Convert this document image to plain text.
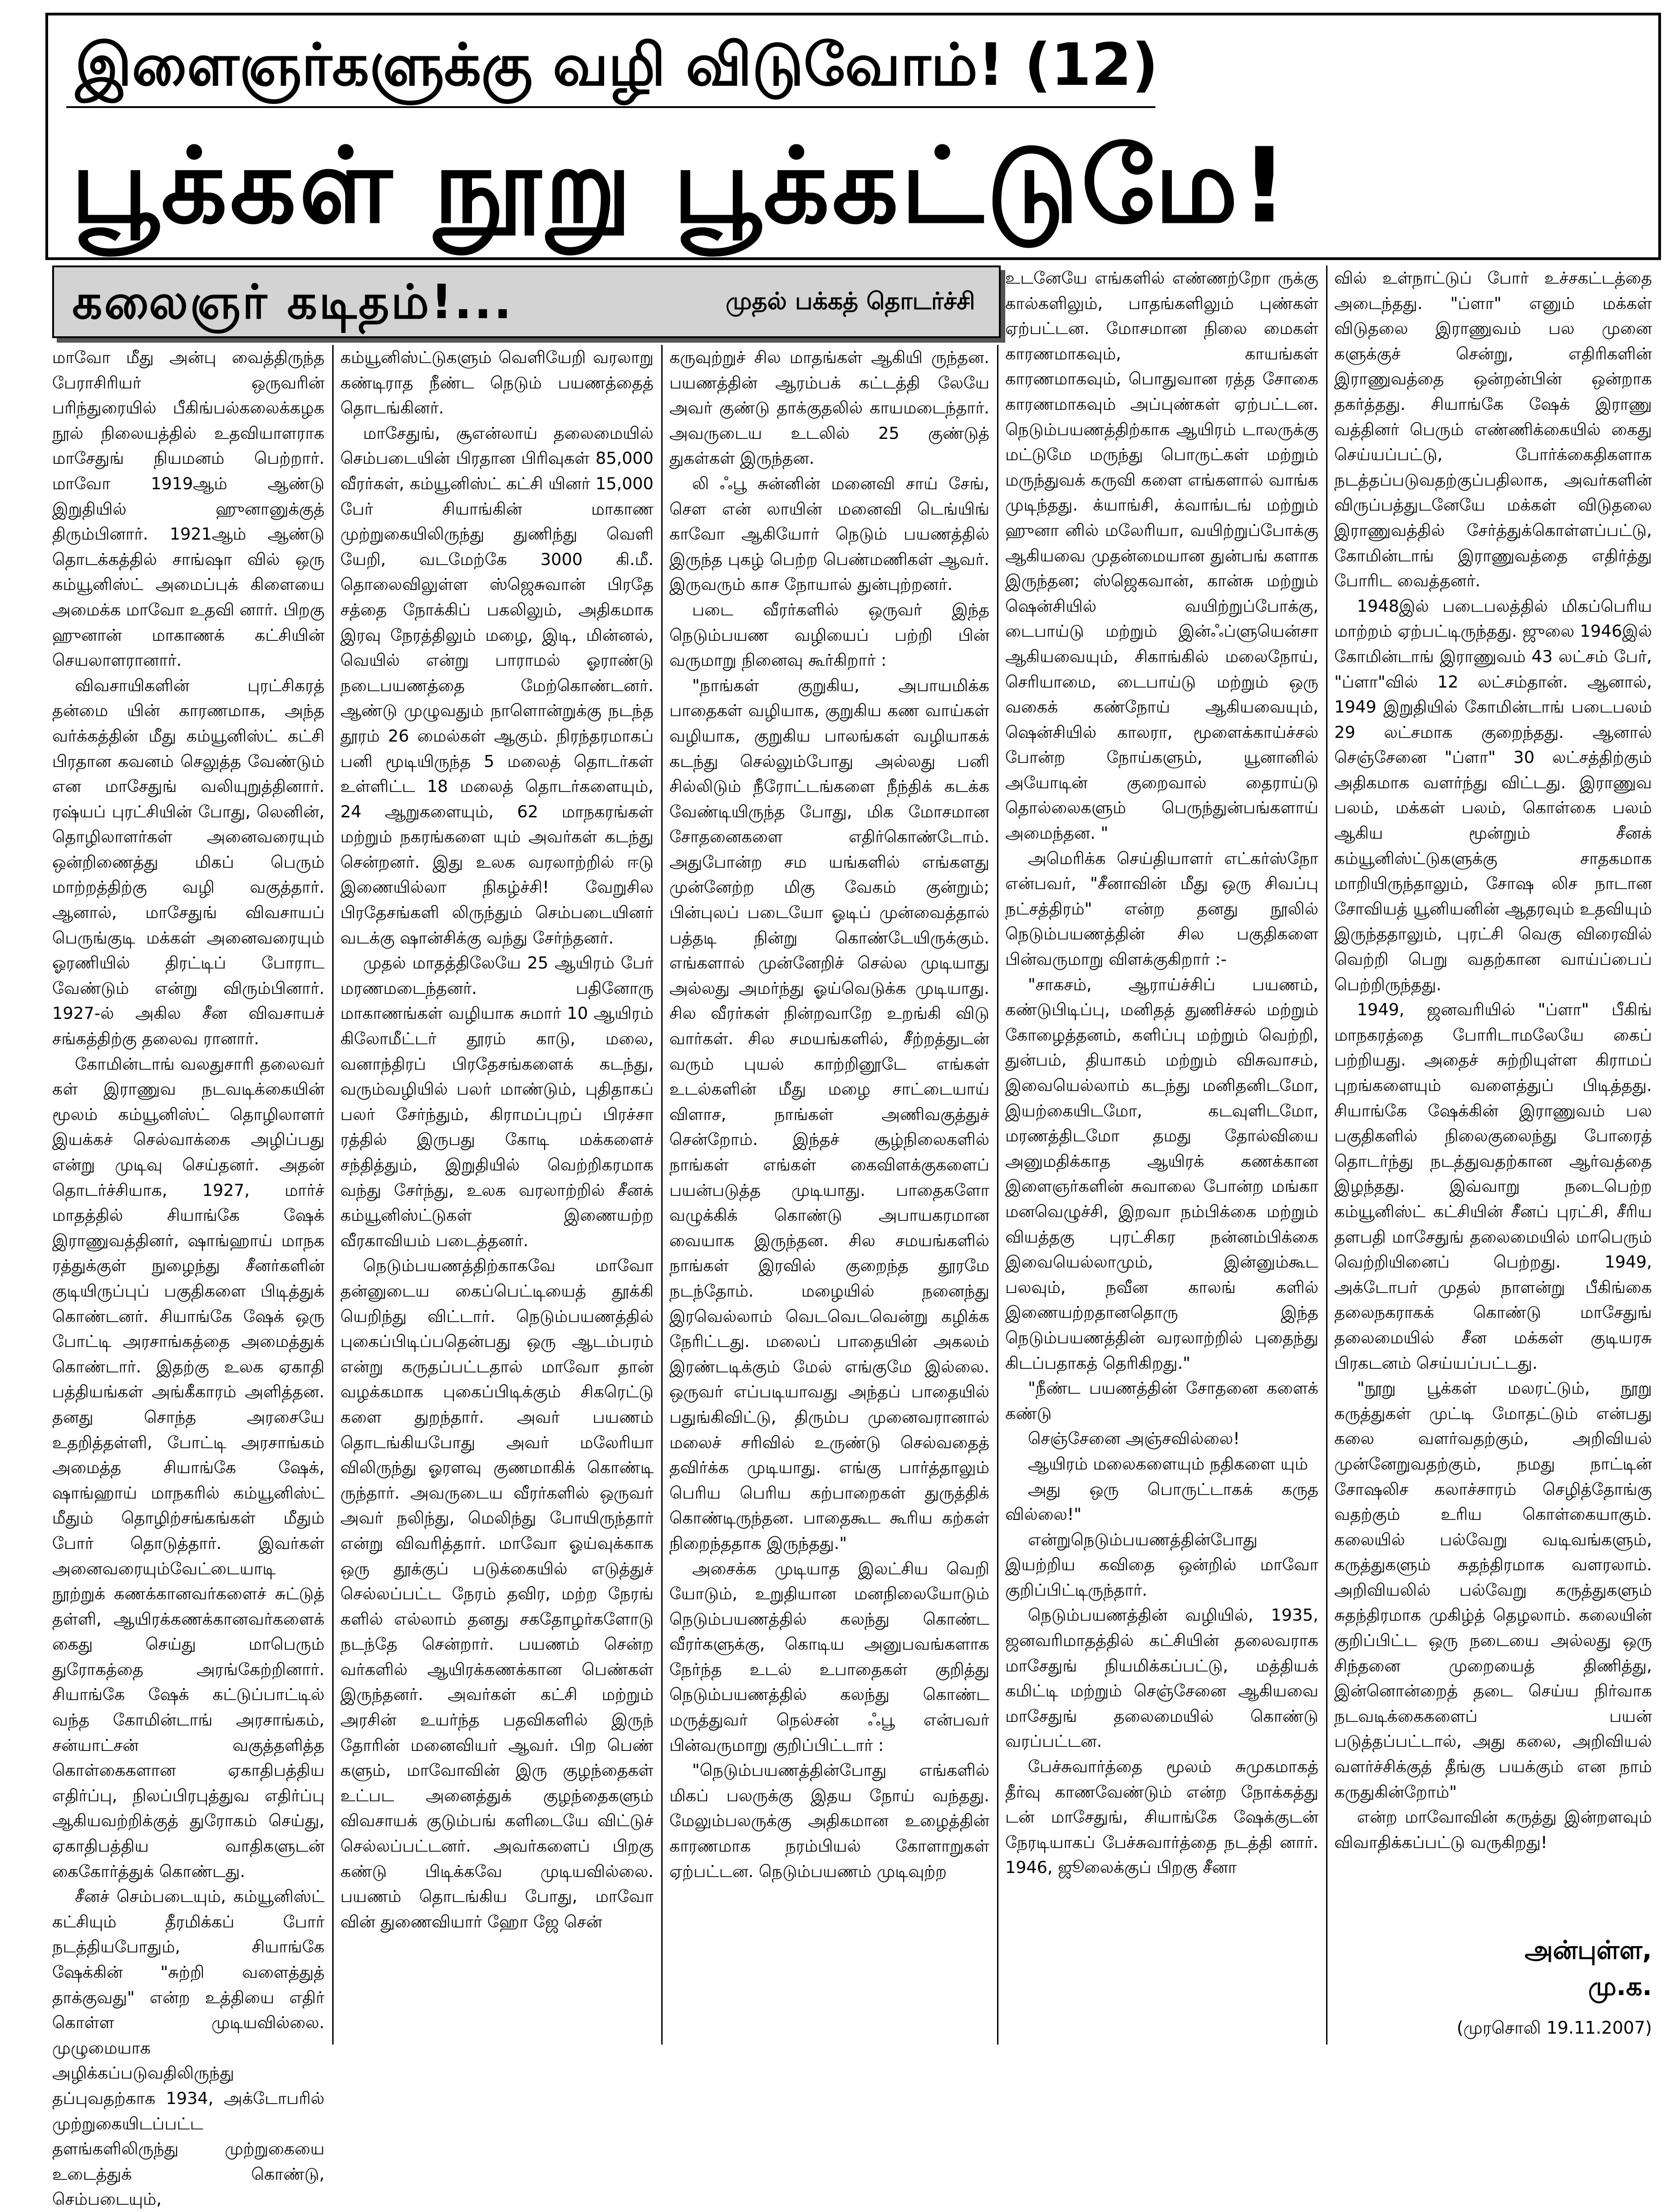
இளைஞர்களுக்கு வழி விடுவோம்! (12)
பூக்கள் நூறு பூக்கட்டுமே!
கலைஞர் கடிதம்!...	முதல் பக்கத் தொடர்ச்சி

மாவோ மீது அன்பு வைத்திருந்த பேராசிரியர் ஒருவரின் பரிந்துரையில் பீகிங்பல்கலைக்கழக நூல் நிலையத்தில் உதவியாளராக மாசேதுங் நியமனம் பெற்றார். மாவோ 1919ஆம் ஆண்டு இறுதியில் ஹுனானுக்குத் திரும்பினார். 1921ஆம் ஆண்டு தொடக்கத்தில் சாங்ஷா வில் ஒரு கம்யூனிஸ்ட் அமைப்புக் கிளையை அமைக்க மாவோ உதவி னார். பிறகு ஹுனான் மாகாணக் கட்சியின் செயலாளரானார்.

விவசாயிகளின் புரட்சிகரத் தன்மை யின் காரணமாக, அந்த வர்க்கத்தின் மீது கம்யூனிஸ்ட் கட்சி பிரதான கவனம் செலுத்த வேண்டும் என மாசேதுங் வலியுறுத்தினார். ரஷ்யப் புரட்சியின் போது, லெனின், தொழிலாளர்கள் அனைவரையும் ஒன்றிணைத்து மிகப் பெரும் மாற்றத்திற்கு வழி வகுத்தார். ஆனால், மாசேதுங் விவசாயப் பெருங்குடி மக்கள் அனைவரையும் ஓரணியில் திரட்டிப் போராட வேண்டும் என்று விரும்பினார். 1927-ல் அகில சீன விவசாயச் சங்கத்திற்கு தலைவ ரானார்.

கோமின்டாங் வலதுசாரி தலைவர் கள் இராணுவ நடவடிக்கையின் மூலம் கம்யூனிஸ்ட் தொழிலாளர் இயக்கச் செல்வாக்கை அழிப்பது என்று முடிவு செய்தனர். அதன் தொடர்ச்சியாக, 1927, மார்ச் மாதத்தில் சியாங்கே ஷேக் இராணுவத்தினர், ஷாங்ஹாய் மாநக ரத்துக்குள் நுழைந்து சீனர்களின் குடியிருப்புப் பகுதிகளை பிடித்துக் கொண்டனர். சியாங்கே ஷேக் ஒரு போட்டி அரசாங்கத்தை அமைத்துக் கொண்டார். இதற்கு உலக ஏகாதி பத்தியங்கள் அங்கீகாரம் அளித்தன. தனது சொந்த அரசையே உதறித்தள்ளி, போட்டி அரசாங்கம் அமைத்த சியாங்கே ஷேக், ஷாங்ஹாய் மாநகரில் கம்யூனிஸ்ட் மீதும் தொழிற்சங்கங்கள் மீதும் போர் தொடுத்தார். இவர்கள் அனைவரையும்வேட்டையாடி நூற்றுக் கணக்கானவர்களைச் சுட்டுத் தள்ளி, ஆயிரக்கணக்கானவர்களைக் கைது செய்து மாபெரும் துரோகத்தை அரங்கேற்றினார். சியாங்கே ஷேக் கட்டுப்பாட்டில் வந்த கோமின்டாங் அரசாங்கம், சன்யாட்சன் வகுத்தளித்த கொள்கைகளான ஏகாதிபத்திய எதிர்ப்பு, நிலப்பிரபுத்துவ எதிர்ப்பு ஆகியவற்றிக்குத் துரோகம் செய்து, ஏகாதிபத்திய வாதிகளுடன் கைகோர்த்துக் கொண்டது.

சீனச் செம்படையும், கம்யூனிஸ்ட் கட்சியும் தீரமிக்கப் போர் நடத்தியபோதும், சியாங்கே ஷேக்கின் "சுற்றி வளைத்துத் தாக்குவது" என்ற உத்தியை எதிர் கொள்ள முடியவில்லை. முழுமையாக அழிக்கப்படுவதிலிருந்து தப்புவதற்காக 1934, அக்டோபரில் முற்றுகையிடப்பட்ட தளங்களிலிருந்து முற்றுகையை உடைத்துக் கொண்டு, செம்படையும்,

கம்யூனிஸ்ட்டுகளும் வெளியேறி வரலாறு கண்டிராத நீண்ட நெடும் பயணத்தைத் தொடங்கினர்.

மாசேதுங், சூஎன்லாய் தலைமையில் செம்படையின் பிரதான பிரிவுகள் 85,000 வீரர்கள், கம்யூனிஸ்ட் கட்சி யினர் 15,000 பேர் சியாங்கின் மாகாண முற்றுகையிலிருந்து துணிந்து வெளி யேறி, வடமேற்கே 3000 கி.மீ. தொலைவிலுள்ள ஸ்ஜெசுவான் பிரதே சத்தை நோக்கிப் பகலிலும், அதிகமாக இரவு நேரத்திலும் மழை, இடி, மின்னல், வெயில் என்று பாராமல் ஓராண்டு நடைபயணத்தை மேற்கொண்டனர். ஆண்டு முழுவதும் நாளொன்றுக்கு நடந்த தூரம் 26 மைல்கள் ஆகும். நிரந்தரமாகப் பனி மூடியிருந்த 5 மலைத் தொடர்கள் உள்ளிட்ட 18 மலைத் தொடர்களையும், 24 ஆறுகளையும், 62 மாநகரங்கள் மற்றும் நகரங்களை யும் அவர்கள் கடந்து சென்றனர். இது உலக வரலாற்றில் ஈடு இணையில்லா நிகழ்ச்சி! வேறுசில பிரதேசங்களி லிருந்தும் செம்படையினர் வடக்கு ஷான்சிக்கு வந்து சேர்ந்தனர்.

முதல் மாதத்திலேயே 25 ஆயிரம் பேர் மரணமடைந்தனர். பதினோரு மாகாணங்கள் வழியாக சுமார் 10 ஆயிரம் கிலோமீட்டர் தூரம் காடு, மலை, வனாந்திரப் பிரதேசங்களைக் கடந்து, வரும்வழியில் பலர் மாண்டும், புதிதாகப் பலர் சேர்ந்தும், கிராமப்புறப் பிரச்சா ரத்தில் இருபது கோடி மக்களைச் சந்தித்தும், இறுதியில் வெற்றிகரமாக வந்து சேர்ந்து, உலக வரலாற்றில் சீனக் கம்யூனிஸ்ட்டுகள் இணையற்ற வீரகாவியம் படைத்தனர்.

நெடும்பயணத்திற்காகவே மாவோ தன்னுடைய கைப்பெட்டியைத் தூக்கி யெறிந்து விட்டார். நெடும்பயணத்தில் புகைப்பிடிப்பதென்பது ஒரு ஆடம்பரம் என்று கருதப்பட்டதால் மாவோ தான் வழக்கமாக புகைப்பிடிக்கும் சிகரெட்டு களை துறந்தார். அவர் பயணம் தொடங்கியபோது அவர் மலேரியா விலிருந்து ஓரளவு குணமாகிக் கொண்டி ருந்தார். அவருடைய வீரர்களில் ஒருவர் அவர் நலிந்து, மெலிந்து போயிருந்தார் என்று விவரித்தார். மாவோ ஓய்வுக்காக ஒரு தூக்குப் படுக்கையில் எடுத்துச் செல்லப்பட்ட நேரம் தவிர, மற்ற நேரங் களில் எல்லாம் தனது சகதோழர்களோடு நடந்தே சென்றார். பயணம் சென்ற வர்களில் ஆயிரக்கணக்கான பெண்கள் இருந்தனர். அவர்கள் கட்சி மற்றும் அரசின் உயர்ந்த பதவிகளில் இருந் தோரின் மனைவியர் ஆவர். பிற பெண் களும், மாவோவின் இரு குழந்தைகள் உட்பட அனைத்துக் குழந்தைகளும் விவசாயக் குடும்பங் களிடையே விட்டுச் செல்லப்பட்டனர். அவர்களைப் பிறகு கண்டு பிடிக்கவே முடியவில்லை. பயணம் தொடங்கிய போது, மாவோ வின் துணைவியார் ஹோ ஜே சென்

கருவுற்றுச் சில மாதங்கள் ஆகியி ருந்தன. பயணத்தின் ஆரம்பக் கட்டத்தி லேயே அவர் குண்டு தாக்குதலில் காயமடைந்தார். அவருடைய உடலில் 25 குண்டுத் துகள்கள் இருந்தன.

லி ஃபூ சுன்னின் மனைவி சாய் சேங், சௌ என் லாயின் மனைவி டெங்யிங் காவோ ஆகியோர் நெடும் பயணத்தில் இருந்த புகழ் பெற்ற பெண்மணிகள் ஆவர். இருவரும் காச நோயால் துன்புற்றனர்.

படை வீரர்களில் ஒருவர் இந்த நெடும்பயண வழியைப் பற்றி பின் வருமாறு நினைவு கூர்கிறார் :

"நாங்கள் குறுகிய, அபாயமிக்க பாதைகள் வழியாக, குறுகிய கண வாய்கள் வழியாக, குறுகிய பாலங்கள் வழியாகக் கடந்து செல்லும்போது அல்லது பனி சில்லிடும் நீரோட்டங்களை நீந்திக் கடக்க வேண்டியிருந்த போது, மிக மோசமான சோதனைகளை எதிர்கொண்டோம். அதுபோன்ற சம யங்களில் எங்களது முன்னேற்ற மிகு வேகம் குன்றும்; பின்புலப் படையோ ஓடிப் முன்வைத்தால் பத்தடி நின்று கொண்டேயிருக்கும். எங்களால் முன்னேறிச் செல்ல முடியாது அல்லது அமர்ந்து ஓய்வெடுக்க முடியாது. சில வீரர்கள் நின்றவாறே உறங்கி விடு வார்கள். சில சமயங்களில், சீற்றத்துடன் வரும் புயல் காற்றினூடே எங்கள் உடல்களின் மீது மழை சாட்டையாய் விளாச, நாங்கள் அணிவகுத்துச் சென்றோம். இந்தச் சூழ்நிலைகளில் நாங்கள் எங்கள் கைவிளக்குகளைப் பயன்படுத்த முடியாது. பாதைகளோ வழுக்கிக் கொண்டு அபாயகரமான வையாக இருந்தன. சில சமயங்களில் நாங்கள் இரவில் குறைந்த தூரமே நடந்தோம். மழையில் நனைந்து இரவெல்லாம் வெடவெடவென்று கழிக்க நேரிட்டது. மலைப் பாதையின் அகலம் இரண்டடிக்கும் மேல் எங்குமே இல்லை. ஒருவர் எப்படியாவது அந்தப் பாதையில் பதுங்கிவிட்டு, திரும்ப முனைவரானால் மலைச் சரிவில் உருண்டு செல்வதைத் தவிர்க்க முடியாது. எங்கு பார்த்தாலும் பெரிய பெரிய கற்பாறைகள் துருத்திக் கொண்டிருந்தன. பாதைகூட கூரிய கற்கள் நிறைந்ததாக இருந்தது."

அசைக்க முடியாத இலட்சிய வெறி யோடும், உறுதியான மனநிலையோடும் நெடும்பயணத்தில் கலந்து கொண்ட வீரர்களுக்கு, கொடிய அனுபவங்களாக நேர்ந்த உடல் உபாதைகள் குறித்து நெடும்பயணத்தில் கலந்து கொண்ட மருத்துவர் நெல்சன் ஃபூ என்பவர் பின்வருமாறு குறிப்பிட்டார் :

"நெடும்பயணத்தின்போது எங்களில் மிகப் பலருக்கு இதய நோய் வந்தது. மேலும்பலருக்கு அதிகமான உழைத்தின் காரணமாக நரம்பியல் கோளாறுகள் ஏற்பட்டன. நெடும்பயணம் முடிவுற்ற

உடனேயே எங்களில் எண்ணற்றோ ருக்கு கால்களிலும், பாதங்களிலும் புண்கள் ஏற்பட்டன. மோசமான நிலை மைகள் காரணமாகவும், காயங்கள் காரணமாகவும், பொதுவான ரத்த சோகை காரணமாகவும் அப்புண்கள் ஏற்பட்டன. நெடும்பயணத்திற்காக ஆயிரம் டாலருக்கு மட்டுமே மருந்து பொருட்கள் மற்றும் மருந்துவக் கருவி களை எங்களால் வாங்க முடிந்தது. க்யாங்சி, க்வாங்டங் மற்றும் ஹுனா னில் மலேரியா, வயிற்றுப்போக்கு ஆகியவை முதன்மையான துன்பங் களாக இருந்தன; ஸ்ஜெகவான், கான்சு மற்றும் ஷென்சியில் வயிற்றுப்போக்கு, டைபாய்டு மற்றும் இன்ஃப்ளுயென்சா ஆகியவையும், சிகாங்கில் மலைநோய், செரியாமை, டைபாய்டு மற்றும் ஒரு வகைக் கண்நோய் ஆகியவையும், ஷென்சியில் காலரா, மூளைக்காய்ச்சல் போன்ற நோய்களும், யூனானில் அயோடின் குறைவால் தைராய்டு தொல்லைகளும் பெருந்துன்பங்களாய் அமைந்தன. "

அமெரிக்க செய்தியாளர் எட்கர்ஸ்நோ என்பவர், "சீனாவின் மீது ஒரு சிவப்பு நட்சத்திரம்" என்ற தனது நூலில் நெடும்பயணத்தின் சில பகுதிகளை பின்வருமாறு விளக்குகிறார் :-

"சாகசம், ஆராய்ச்சிப் பயணம், கண்டுபிடிப்பு, மனிதத் துணிச்சல் மற்றும் கோழைத்தனம், களிப்பு மற்றும் வெற்றி, துன்பம், தியாகம் மற்றும் விசுவாசம், இவையெல்லாம் கடந்து மனிதனிடமோ, இயற்கையிடமோ, கடவுளிடமோ, மரணத்திடமோ தமது தோல்வியை அனுமதிக்காத ஆயிரக் கணக்கான இளைஞர்களின் சுவாலை போன்ற மங்கா மனவெழுச்சி, இறவா நம்பிக்கை மற்றும் வியத்தகு புரட்சிகர நன்னம்பிக்கை இவையெல்லாமும், இன்னும்கூட பலவும், நவீன காலங் களில் இணையற்றதானதொரு இந்த நெடும்பயணத்தின் வரலாற்றில் புதைந்து கிடப்பதாகத் தெரிகிறது."

"நீண்ட பயணத்தின் சோதனை களைக் கண்டு

செஞ்சேனை அஞ்சவில்லை!

ஆயிரம் மலைகளையும் நதிகளை யும்

அது ஒரு பொருட்டாகக் கருத வில்லை!"

என்றுநெடும்பயணத்தின்போது இயற்றிய கவிதை ஒன்றில் மாவோ குறிப்பிட்டிருந்தார்.

நெடும்பயணத்தின் வழியில், 1935, ஜனவரிமாதத்தில் கட்சியின் தலைவராக மாசேதுங் நியமிக்கப்பட்டு, மத்தியக் கமிட்டி மற்றும் செஞ்சேனை ஆகியவை மாசேதுங் தலைமையில் கொண்டு வரப்பட்டன.

பேச்சுவார்த்தை மூலம் சுமுகமாகத் தீர்வு காணவேண்டும் என்ற நோக்கத்து டன் மாசேதுங், சியாங்கே ஷேக்குடன் நேரடியாகப் பேச்சுவார்த்தை நடத்தி னார். 1946, ஜூலைக்குப் பிறகு சீனா

வில் உள்நாட்டுப் போர் உச்சகட்டத்தை அடைந்தது. "ப்ளா" எனும் மக்கள் விடுதலை இராணுவம் பல முனை களுக்குச் சென்று, எதிரிகளின் இராணுவத்தை ஒன்றன்பின் ஒன்றாக தகர்த்தது. சியாங்கே ஷேக் இராணு வத்தினர் பெரும் எண்ணிக்கையில் கைது செய்யப்பட்டு, போர்க்கைதிகளாக நடத்தப்படுவதற்குப்பதிலாக, அவர்களின் விருப்பத்துடனேயே மக்கள் விடுதலை இராணுவத்தில் சேர்த்துக்கொள்ளப்பட்டு, கோமின்டாங் இராணுவத்தை எதிர்த்து போரிட வைத்தனர்.

1948இல் படைபலத்தில் மிகப்பெரிய மாற்றம் ஏற்பட்டிருந்தது. ஜுலை 1946இல் கோமின்டாங் இராணுவம் 43 லட்சம் பேர், "ப்ளா"வில் 12 லட்சம்தான். ஆனால், 1949 இறுதியில் கோமின்டாங் படைபலம் 29 லட்சமாக குறைந்தது. ஆனால் செஞ்சேனை "ப்ளா" 30 லட்சத்திற்கும் அதிகமாக வளர்ந்து விட்டது. இராணுவ பலம், மக்கள் பலம், கொள்கை பலம் ஆகிய மூன்றும் சீனக் கம்யூனிஸ்ட்டுகளுக்கு சாதகமாக மாறியிருந்தாலும், சோஷ லிச நாடான சோவியத் யூனியனின் ஆதரவும் உதவியும் இருந்ததாலும், புரட்சி வெகு விரைவில் வெற்றி பெறு வதற்கான வாய்ப்பைப் பெற்றிருந்தது.

1949, ஜனவரியில் "ப்ளா" பீகிங் மாநகரத்தை போரிடாமலேயே கைப் பற்றியது. அதைச் சுற்றியுள்ள கிராமப் புறங்களையும் வளைத்துப் பிடித்தது. சியாங்கே ஷேக்கின் இராணுவம் பல பகுதிகளில் நிலைகுலைந்து போரைத் தொடர்ந்து நடத்துவதற்கான ஆர்வத்தை இழந்தது. இவ்வாறு நடைபெற்ற கம்யூனிஸ்ட் கட்சியின் சீனப் புரட்சி, சீரிய தளபதி மாசேதுங் தலைமையில் மாபெரும் வெற்றியினைப் பெற்றது. 1949, அக்டோபர் முதல் நாளன்று பீகிங்கை தலைநகராகக் கொண்டு மாசேதுங் தலைமையில் சீன மக்கள் குடியரசு பிரகடனம் செய்யப்பட்டது.

"நூறு பூக்கள் மலரட்டும், நூறு கருத்துகள் முட்டி மோதட்டும் என்பது கலை வளர்வதற்கும், அறிவியல் முன்னேறுவதற்கும், நமது நாட்டின் சோஷலிச கலாச்சாரம் செழித்தோங்கு வதற்கும் உரிய கொள்கையாகும். கலையில் பல்வேறு வடிவங்களும், கருத்துகளும் சுதந்திரமாக வளரலாம். அறிவியலில் பல்வேறு கருத்துகளும் சுதந்திரமாக முகிழ்த் தெழலாம். கலையின் குறிப்பிட்ட ஒரு நடையை அல்லது ஒரு சிந்தனை முறையைத் திணித்து, இன்னொன்றைத் தடை செய்ய நிர்வாக நடவடிக்கைகளைப் பயன் படுத்தப்பட்டால், அது கலை, அறிவியல் வளர்ச்சிக்குத் தீங்கு பயக்கும் என நாம் கருதுகின்றோம்"

என்ற மாவோவின் கருத்து இன்றளவும் விவாதிக்கப்பட்டு வருகிறது!

அன்புள்ள,
மு.க.
(முரசொலி 19.11.2007)
